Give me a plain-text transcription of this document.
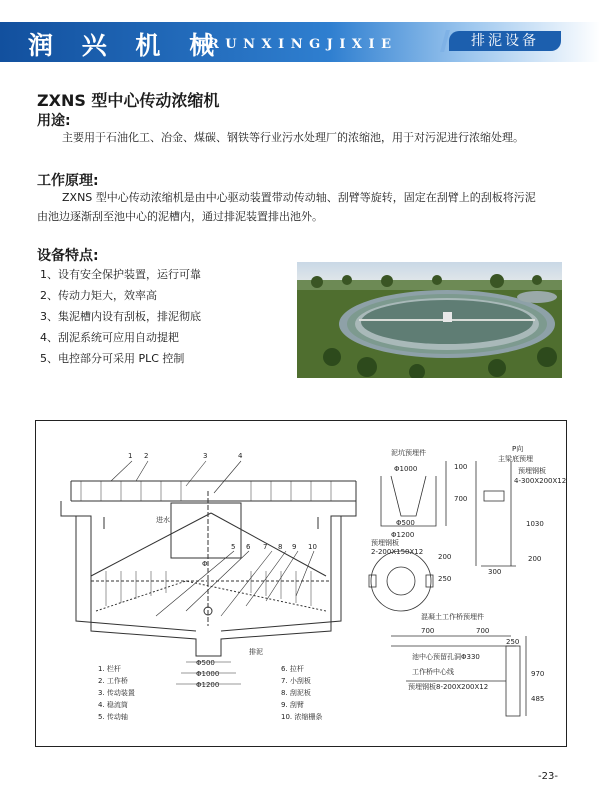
润 兴 机 械
RUNXINGJIXIE	排泥设备
ZXNS 型中心传动浓缩机
用途:
主要用于石油化工、冶金、煤碳、钢铁等行业污水处理厂的浓缩池，用于对污泥进行浓缩处理。
工作原理:
ZXNS 型中心传动浓缩机是由中心驱动装置带动传动轴、刮臂等旋转，固定在刮臂上的刮板将污泥
由池边逐渐刮至池中心的泥槽内，通过排泥装置排出池外。
设备特点:
1、设有安全保护装置，运行可靠
2、传动力矩大，效率高
3、集泥槽内设有刮板，排泥彻底
4、刮泥系统可应用自动提耙
5、电控部分可采用 PLC 控制
1 2	3	4
5 6 7 8 9 10
进水
Φ
排泥
Φ500
Φ1000
Φ1200
1. 栏杆
2. 工作桥
3. 传动装置
4. 稳流筒
5. 传动轴
6. 拉杆
7. 小刮板
8. 刮泥板
9. 刮臂
10. 浓缩栅条
泥坑预埋件
Φ1000	100
700
Φ500
Φ1200
P向
主梁底预埋
预埋钢板
4-300X200X12
1030
200
300
预埋钢板
2-200X150X12
200
250
混凝土工作桥预埋件
700	700
250
970
485
池中心预留孔洞Φ330
工作桥中心线
预埋钢板8-200X200X12
-23-
